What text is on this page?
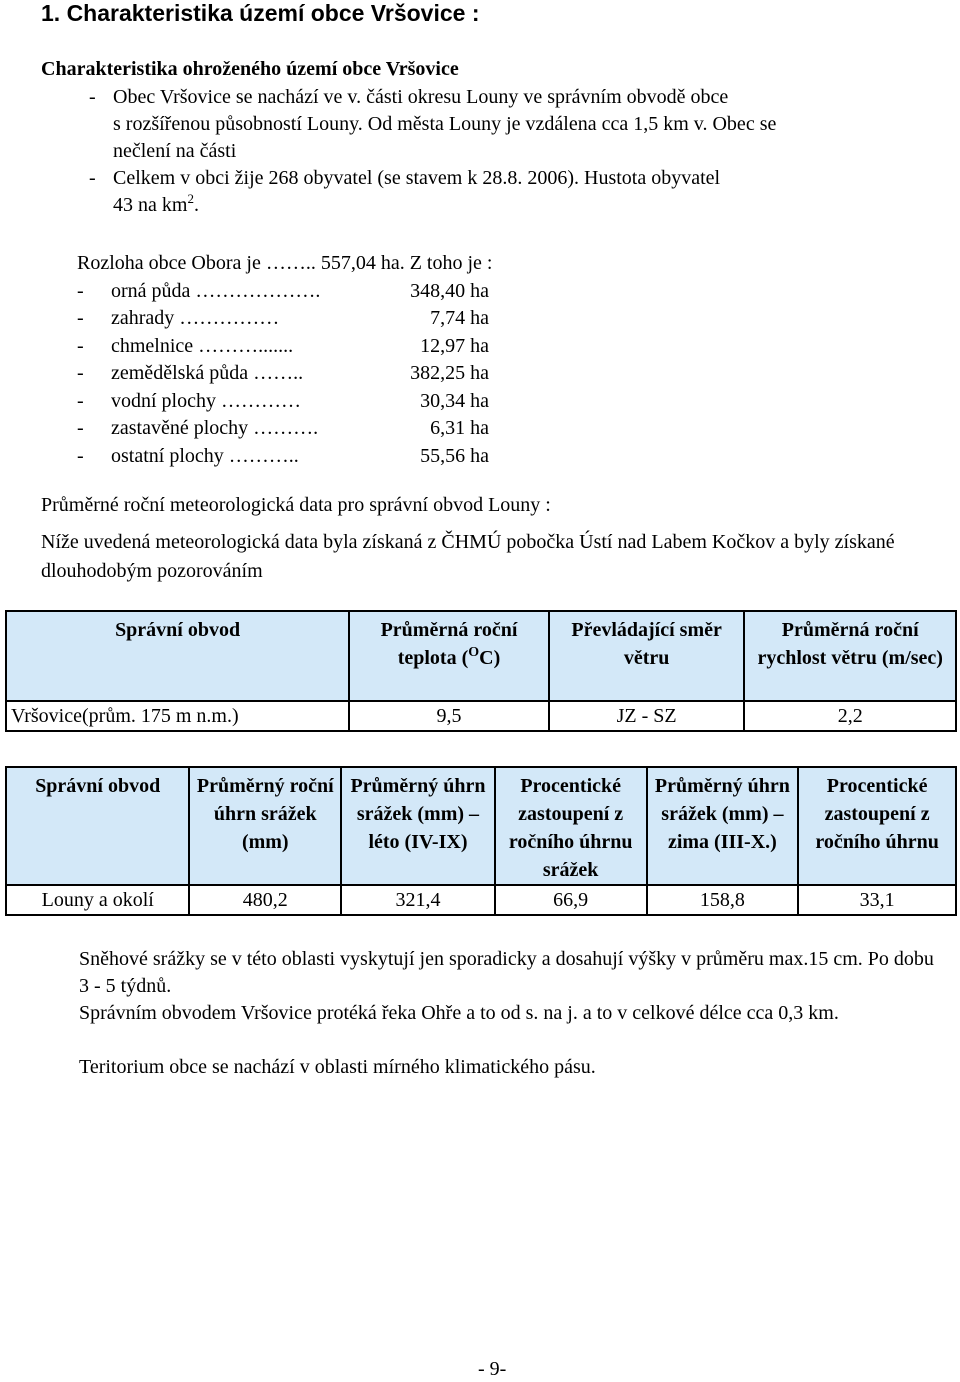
1. Charakteristika území obce Vršovice :
Charakteristika ohroženého území obce Vršovice
- Obec Vršovice se nachází ve v. části okresu Louny ve správním obvodě obce
s rozšířenou působností Louny. Od města Louny je vzdálena cca 1,5 km v. Obec se
nečlení na části
- Celkem v obci žije 268 obyvatel (se stavem k 28.8. 2006). Hustota obyvatel
43 na $km^2$.
Rozloha obce Obora je …….. 557,04 ha. Z toho je :
- orná půda ……………….	348,40 ha
- zahrady ……………	7,74 ha
- chmelnice ……….......	12,97 ha
- zemědělská půda ……..	382,25 ha
- vodní plochy …………	30,34 ha
- zastavěné plochy ……….	6,31 ha
- ostatní plochy ………..	55,56 ha
Průměrné roční meteorologická data pro správní obvod Louny :
Níže uvedená meteorologická data byla získaná z ČHMÚ pobočka Ústí nad Labem Kočkov a byly získané dlouhodobým pozorováním
Správní obvod	Průměrná roční teplota ($^O$C)	Převládající směr větru	Průměrná roční rychlost větru (m/sec)
Vršovice(prům. 175 m n.m.)	9,5	JZ - SZ	2,2
Správní obvod	Průměrný roční úhrn srážek (mm)	Průměrný úhrn srážek (mm) – léto (IV-IX)	Procentické zastoupení z ročního úhrnu srážek	Průměrný úhrn srážek (mm) –zima (III-X.)	Procentické zastoupení z ročního úhrnu
Louny a okolí	480,2	321,4	66,9	158,8	33,1

Sněhové srážky se v této oblasti vyskytují jen sporadicky a dosahují výšky v průměru max.15 cm. Po dobu 3 - 5 týdnů.

Správním obvodem Vršovice protéká řeka Ohře a to od s. na j. a to v celkové délce cca 0,3 km.

Teritorium obce se nachází v oblasti mírného klimatického pásu.

- 9-
